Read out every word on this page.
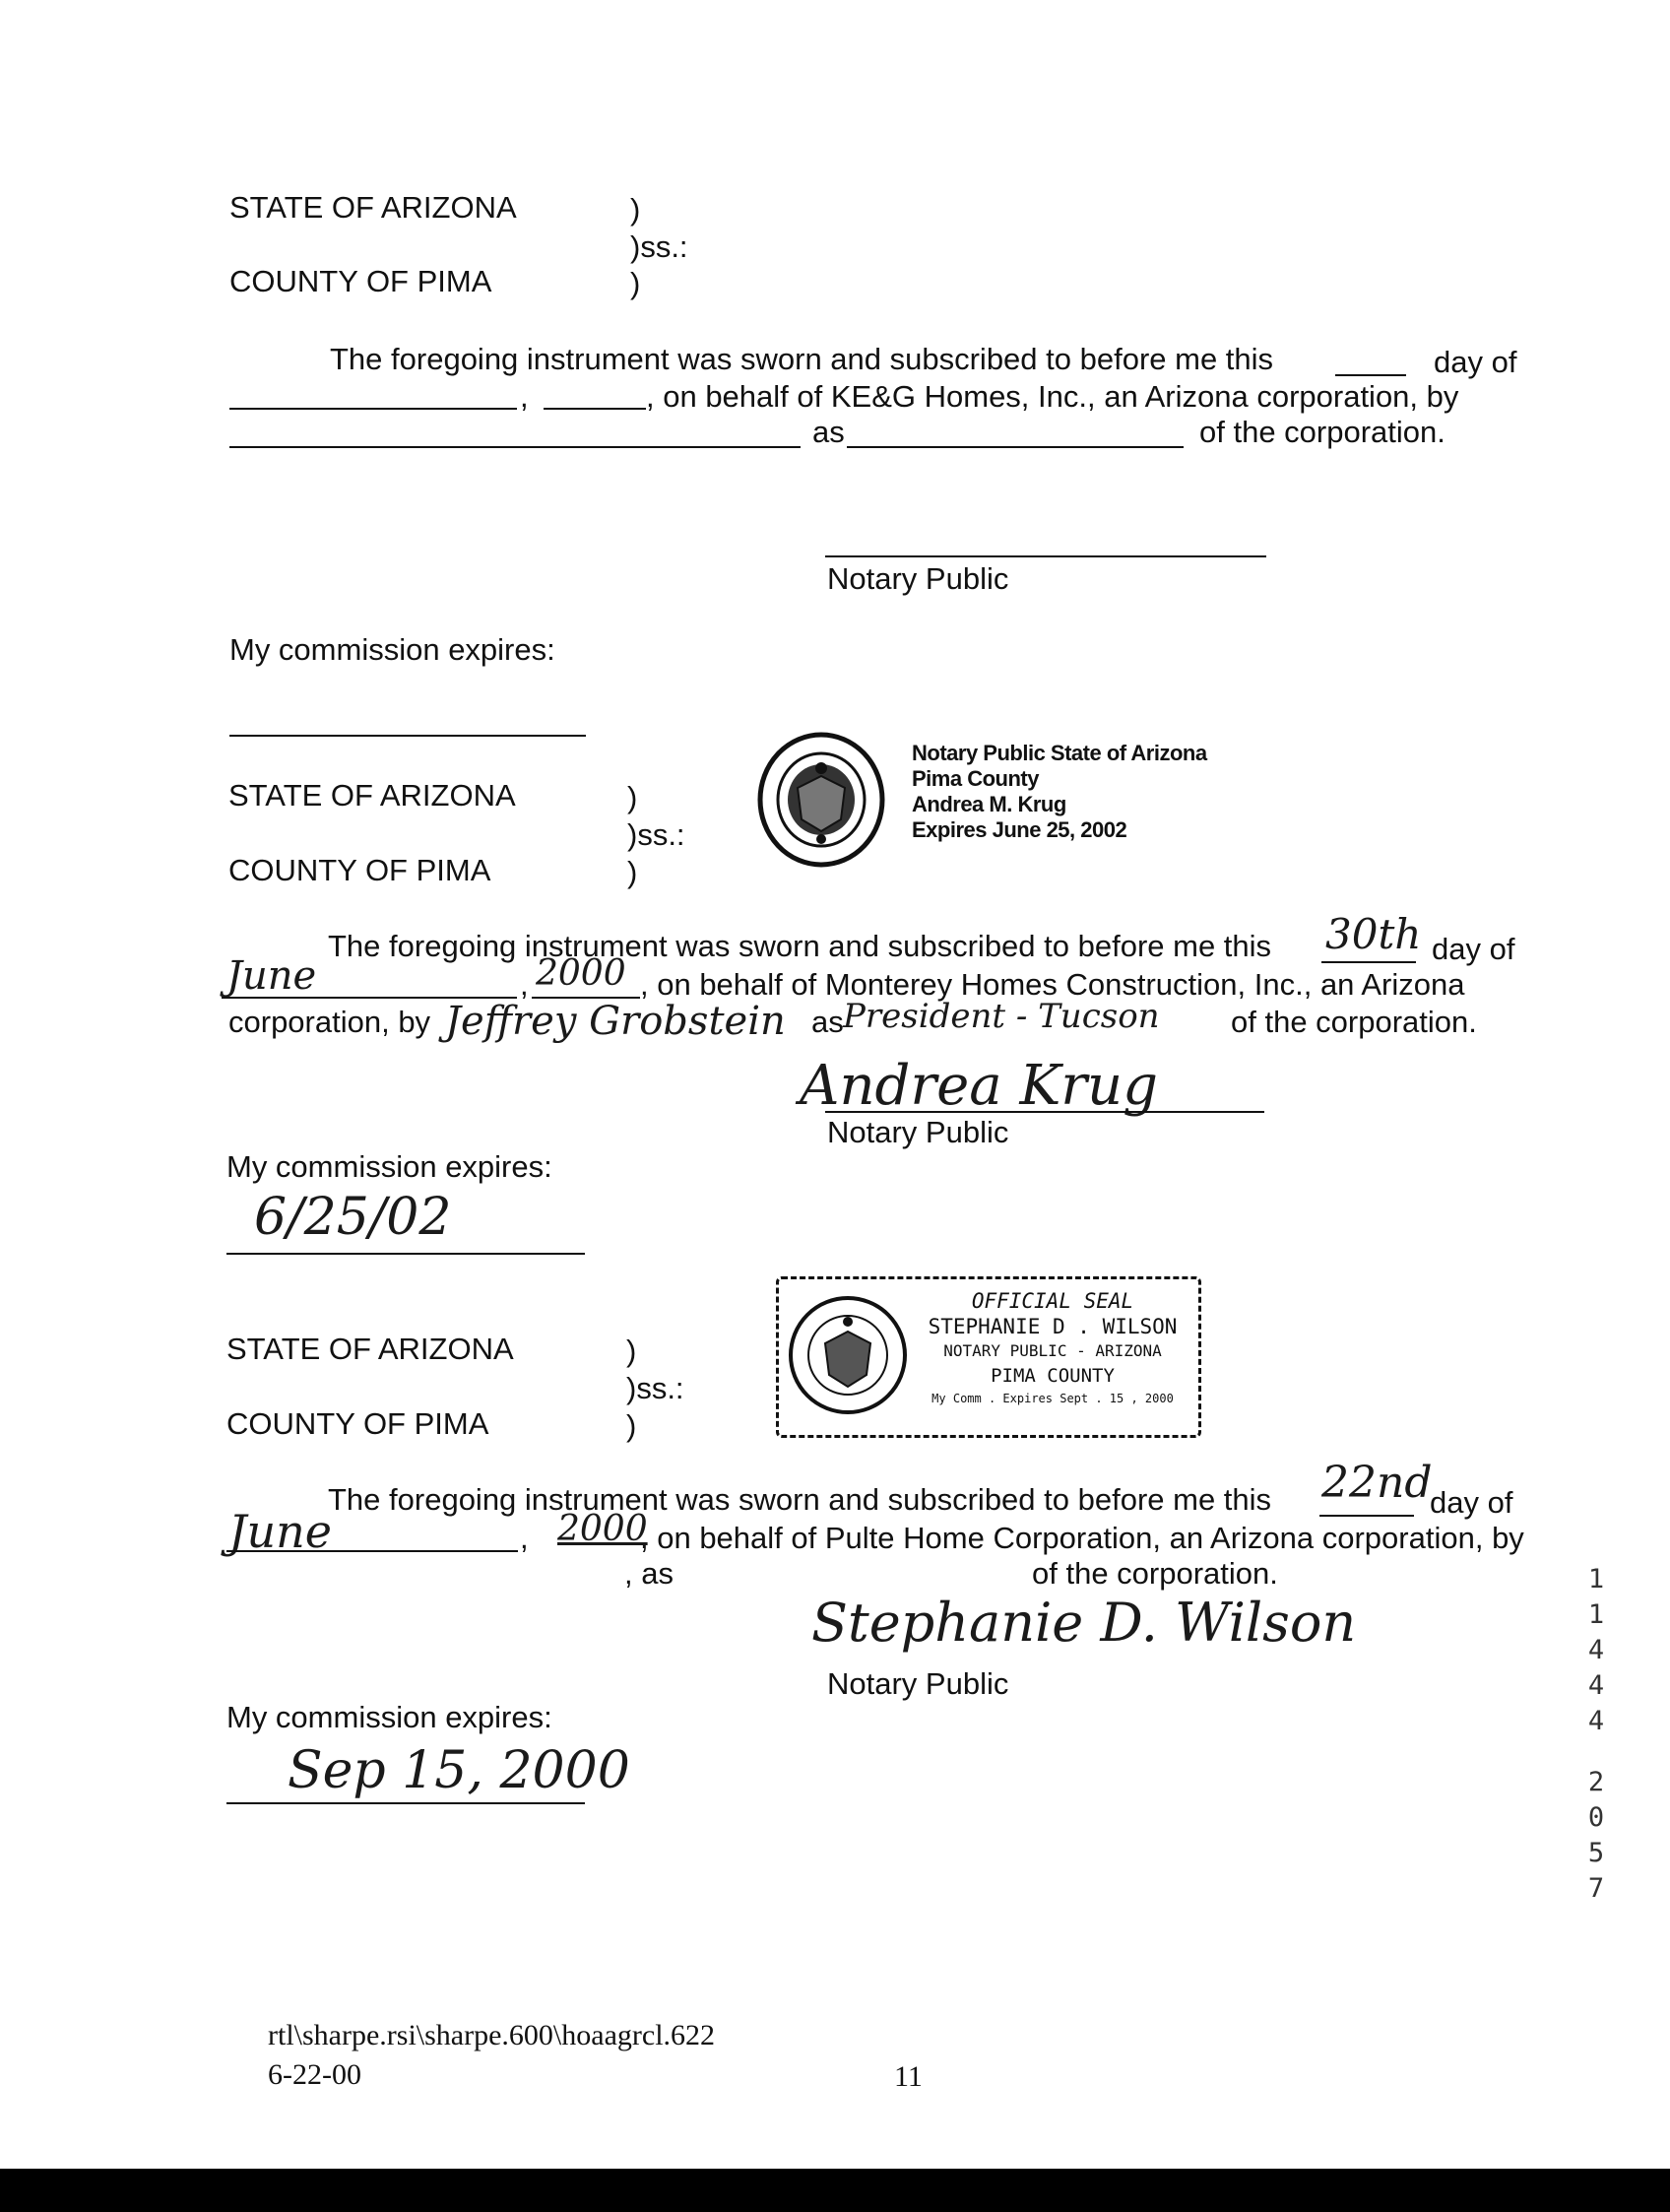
STATE OF ARIZONA	)
)ss.:
COUNTY OF PIMA	)
The foregoing instrument was sworn and subscribed to before me this	day of
,	, on behalf of KE&G Homes, Inc., an Arizona corporation, by
as	of the corporation.
Notary Public
My commission expires:
STATE OF ARIZONA	)
)ss.:
COUNTY OF PIMA	)
Notary Public State of Arizona
Pima County
Andrea M. Krug
Expires June 25, 2002
The foregoing instrument was sworn and subscribed to before me this 30th day of
June	, 2000 , on behalf of Monterey Homes Construction, Inc., an Arizona
corporation, by Jeffrey Grobstein as President - Tucson of the corporation.
Andrea Krug
Notary Public
My commission expires:
6/25/02
STATE OF ARIZONA	)
)ss.:
COUNTY OF PIMA	)
OFFICIAL SEAL
STEPHANIE D . WILSON
NOTARY PUBLIC - ARIZONA
PIMA COUNTY
My Comm . Expires Sept . 15 , 2000
The foregoing instrument was sworn and subscribed to before me this 22nd
day of
June	, 2000
, on behalf of Pulte Home Corporation, an Arizona corporation, by
, as	of the corporation.
Stephanie D. Wilson
Notary Public
My commission expires:
Sep 15, 2000
1
1
4
4
4
2
0
5
7
rtl\sharpe.rsi\sharpe.600\hoaagrcl.622
6-22-00	11
